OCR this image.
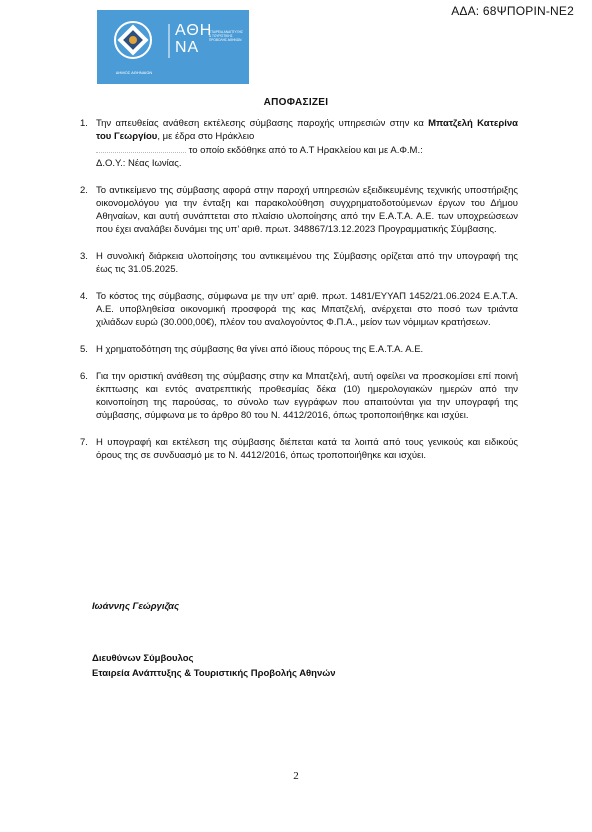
ΑΔΑ: 68ΨΠΟΡΙΝ-ΝΕ2
ΑΘΗ
ΝΑ
ΕΤΑΙΡΕΙΑ ΑΝΑΠΤΥΞΗΣ & ΤΟΥΡΙΣΤΙΚΗΣ ΠΡΟΒΟΛΗΣ ΑΘΗΝΩΝ
ΔΗΜΟΣ ΑΘΗΝΑΙΩΝ
ΑΠΟΦΑΣΙΖΕΙ
1. Την απευθείας ανάθεση εκτέλεσης σύμβασης παροχής υπηρεσιών στην κα Μπατζελή Κατερίνα του Γεωργίου, με έδρα στο Ηράκλειο
το οποίο εκδόθηκε από το Α.Τ Ηρακλείου και με Α.Φ.Μ.:
Δ.Ο.Υ.: Νέας Ιωνίας.
2. Το αντικείμενο της σύμβασης αφορά στην παροχή υπηρεσιών εξειδικευμένης τεχνικής υποστήριξης οικονομολόγου για την ένταξη και παρακολούθηση συγχρηματοδοτούμενων έργων του Δήμου Αθηναίων, και αυτή συνάπτεται στο πλαίσιο υλοποίησης από την Ε.Α.Τ.Α. Α.Ε. των υποχρεώσεων που έχει αναλάβει δυνάμει της υπ’ αριθ. πρωτ. 348867/13.12.2023 Προγραμματικής Σύμβασης.
3. Η συνολική διάρκεια υλοποίησης του αντικειμένου της Σύμβασης ορίζεται από την υπογραφή της έως τις 31.05.2025.
4. Το κόστος της σύμβασης, σύμφωνα με την υπ’ αριθ. πρωτ. 1481/ΕΥΥΑΠ 1452/21.06.2024 Ε.Α.Τ.Α. Α.Ε. υποβληθείσα οικονομική προσφορά της κας Μπατζελή, ανέρχεται στο ποσό των τριάντα χιλιάδων ευρώ (30.000,00€), πλέον του αναλογούντος Φ.Π.Α., μείον των νόμιμων κρατήσεων.
5. Η χρηματοδότηση της σύμβασης θα γίνει από ίδιους πόρους της Ε.Α.Τ.Α. Α.Ε.
6. Για την οριστική ανάθεση της σύμβασης στην κα Μπατζελή, αυτή οφείλει να προσκομίσει επί ποινή έκπτωσης και εντός ανατρεπτικής προθεσμίας δέκα (10) ημερολογιακών ημερών από την κοινοποίηση της παρούσας, το σύνολο των εγγράφων που απαιτούνται για την υπογραφή της σύμβασης, σύμφωνα με το άρθρο 80 του Ν. 4412/2016, όπως τροποποιήθηκε και ισχύει.
7. Η υπογραφή και εκτέλεση της σύμβασης διέπεται κατά τα λοιπά από τους γενικούς και ειδικούς όρους της σε συνδυασμό με το Ν. 4412/2016, όπως τροποποιήθηκε και ισχύει.
Ιωάννης Γεώργιζας
Διευθύνων Σύμβουλος
Εταιρεία Ανάπτυξης & Τουριστικής Προβολής Αθηνών
2
